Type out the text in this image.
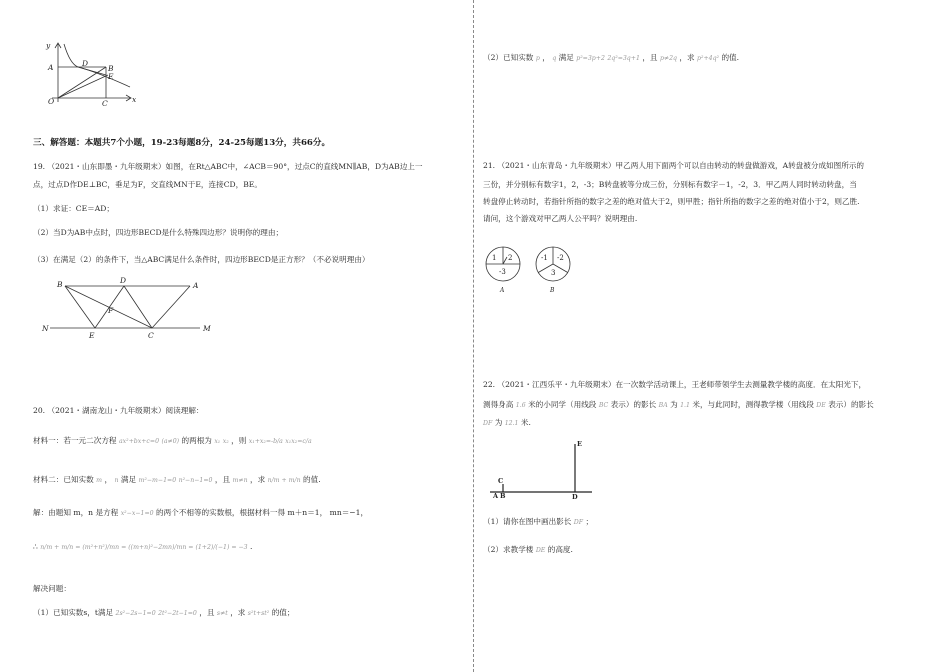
y
A	D
B
E
O	C	x
三、解答题：本题共7个小题，19-23每题8分，24-25每题13分，共66分。
19. （2021・山东即墨・九年级期末）如图，在Rt△ABC中，∠ACB＝90°，过点C的直线MN∥AB，D为AB边上一
点，过点D作DE⊥BC，垂足为F，交直线MN于E，连接CD，BE。
（1）求证：CE＝AD；
（2）当D为AB中点时，四边形BECD是什么特殊四边形？说明你的理由；
（3）在满足（2）的条件下，当△ABC满足什么条件时，四边形BECD是正方形？（不必说明理由）
B	D
A
F
N
E	C
M
20. （2021・湖南龙山・九年级期末）阅读理解：
材料一：若一元二次方程 ax²+bx+c=0 (a≠0) 的两根为 x₁ x₂ ，则 x₁+x₂=-b/a x₁x₂=c/a
材料二：已知实数 m ， n 满足 m²−m−1=0 n²−n−1=0 ，且 m≠n ，求 n/m + m/n 的值.
解：由题知 m，n 是方程 x²−x−1=0 的两个不相等的实数根，根据材料一得 m＋n＝1， mn＝−1，
∴ n/m + m/n = (m²+n²)/mn = ((m+n)²−2mn)/mn = (1+2)/(−1) = −3 .
解决问题：
（1）已知实数s，t满足 2s²−2s−1=0 2t²−2t−1=0 ，且 s≠t ，求 s²t+st² 的值；
（2）已知实数 p ， q 满足 p²=3p+2 2q²=3q+1 ，且 p≠2q ，求 p²+4q² 的值.
21. （2021・山东青岛・九年级期末）甲乙两人用下面两个可以自由转动的转盘做游戏，A转盘被分成如图所示的
三份，并分别标有数字1，2，-3；B转盘被等分成三份，分别标有数字－1，-2，3．甲乙两人同时转动转盘，当
转盘停止转动时，若指针所指的数字之差的绝对值大于2，则甲胜；指针所指的数字之差的绝对值小于2，则乙胜.
请问，这个游戏对甲乙两人公平吗？说明理由.
1 2
-3
-1 -2
3
A	B
22. （2021・江西乐平・九年级期末）在一次数学活动课上，王老师带领学生去测量教学楼的高度．在太阳光下，
测得身高 1.6 米的小同学（用线段 BC 表示）的影长 BA 为 1.1 米，与此同时，测得教学楼（用线段 DE 表示）的影长
DF 为 12.1 米.
E
C
A B	D
（1）请你在图中画出影长 DF ；
（2）求教学楼 DE 的高度.
